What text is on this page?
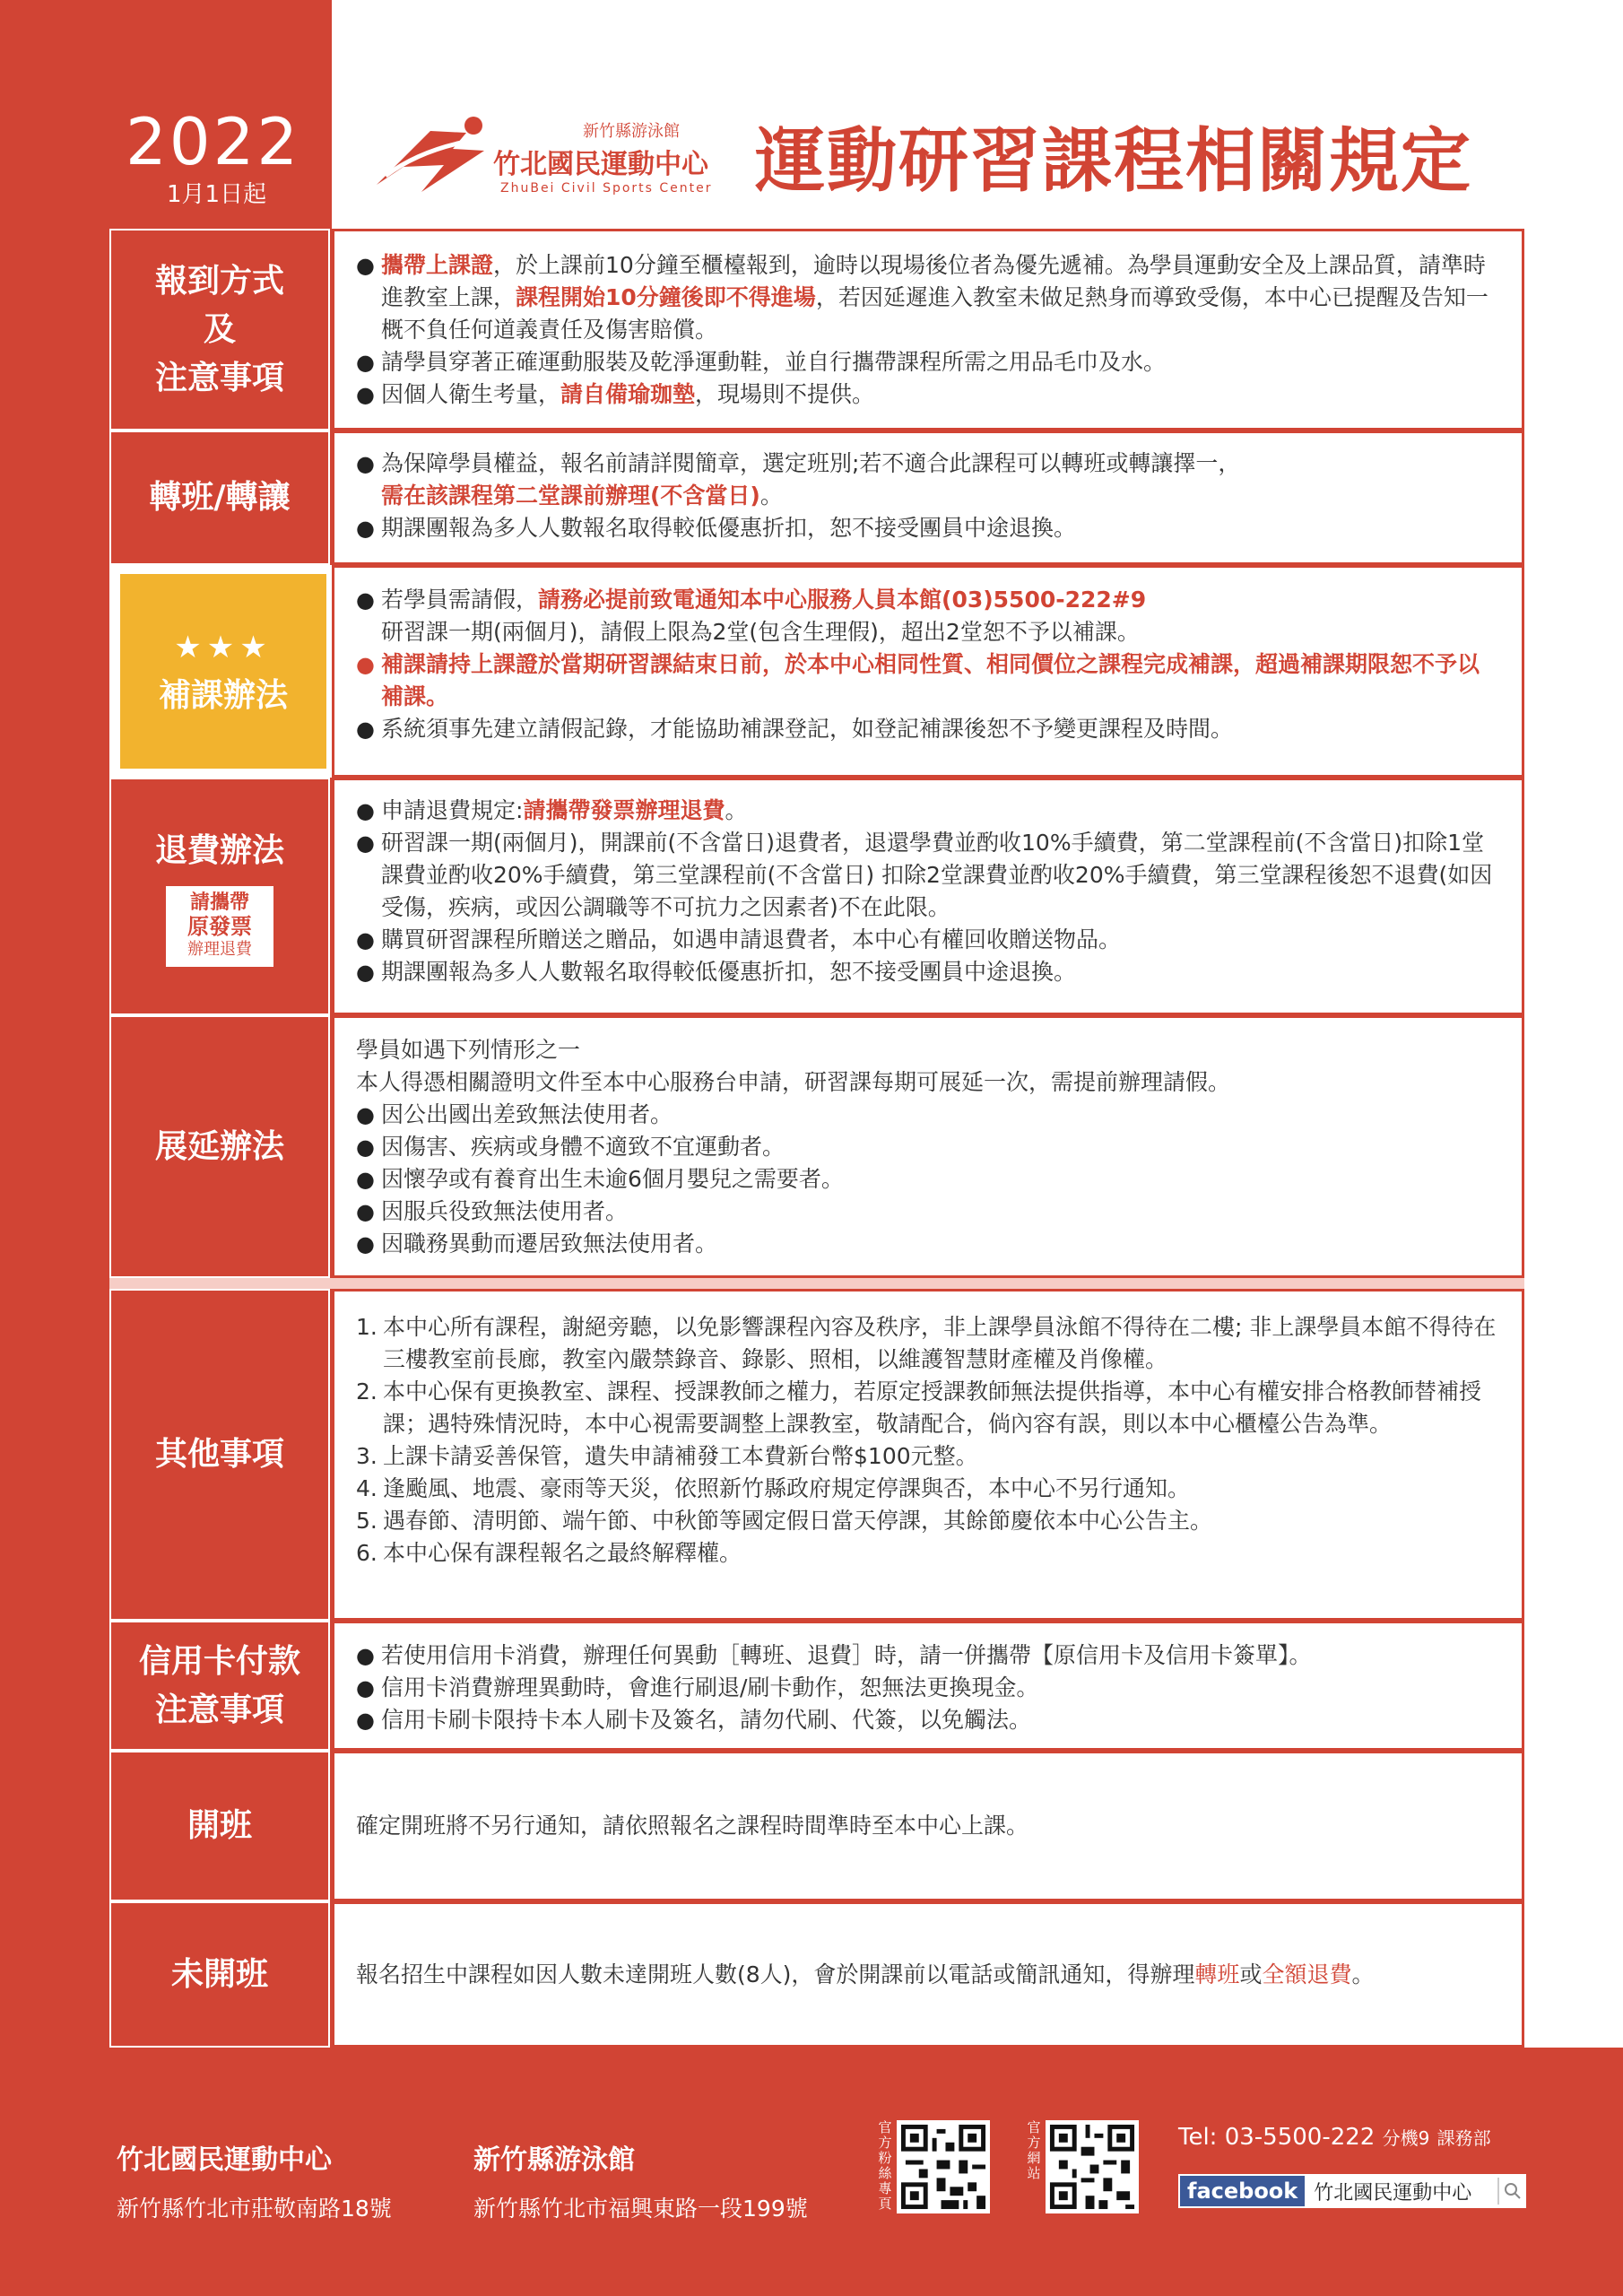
2022
1月1日起
新竹縣游泳館
竹北國民運動中心
ZhuBei Civil Sports Center 運動研習課程相關規定
報到方式
及
注意事項
● 攜帶上課證，於上課前10分鐘至櫃檯報到，逾時以現場後位者為優先遞補。為學員運動安全及上課品質，請準時進教室上課，課程開始10分鐘後即不得進場，若因延遲進入教室未做足熱身而導致受傷，本中心已提醒及告知一概不負任何道義責任及傷害賠償。
● 請學員穿著正確運動服裝及乾淨運動鞋，並自行攜帶課程所需之用品毛巾及水。
● 因個人衛生考量，請自備瑜珈墊，現場則不提供。
轉班/轉讓
● 為保障學員權益，報名前請詳閱簡章，選定班別;若不適合此課程可以轉班或轉讓擇一，
需在該課程第二堂課前辦理(不含當日)。
● 期課團報為多人人數報名取得較低優惠折扣，恕不接受團員中途退換。
★★★
補課辦法
● 若學員需請假，請務必提前致電通知本中心服務人員本館(03)5500-222#9
研習課一期(兩個月)，請假上限為2堂(包含生理假)，超出2堂恕不予以補課。
● 補課請持上課證於當期研習課結束日前，於本中心相同性質、相同價位之課程完成補課，超過補課期限恕不予以補課。
● 系統須事先建立請假記錄，才能協助補課登記，如登記補課後恕不予變更課程及時間。
退費辦法
請攜帶
原發票
辦理退費
● 申請退費規定:請攜帶發票辦理退費。
● 研習課一期(兩個月)，開課前(不含當日)退費者，退還學費並酌收10%手續費，第二堂課程前(不含當日)扣除1堂課費並酌收20%手續費，第三堂課程前(不含當日) 扣除2堂課費並酌收20%手續費，第三堂課程後恕不退費(如因受傷，疾病，或因公調職等不可抗力之因素者)不在此限。
● 購買研習課程所贈送之贈品，如遇申請退費者，本中心有權回收贈送物品。
● 期課團報為多人人數報名取得較低優惠折扣，恕不接受團員中途退換。
展延辦法
學員如遇下列情形之一
本人得憑相關證明文件至本中心服務台申請，研習課每期可展延一次，需提前辦理請假。
● 因公出國出差致無法使用者。
● 因傷害、疾病或身體不適致不宜運動者。
● 因懷孕或有養育出生未逾6個月嬰兒之需要者。
● 因服兵役致無法使用者。
● 因職務異動而遷居致無法使用者。
其他事項
1. 本中心所有課程，謝絕旁聽，以免影響課程內容及秩序，非上課學員泳館不得待在二樓; 非上課學員本館不得待在三樓教室前長廊，教室內嚴禁錄音、錄影、照相，以維護智慧財產權及肖像權。
2. 本中心保有更換教室、課程、授課教師之權力，若原定授課教師無法提供指導，本中心有權安排合格教師替補授課；遇特殊情況時，本中心視需要調整上課教室，敬請配合，倘內容有誤，則以本中心櫃檯公告為準。
3. 上課卡請妥善保管，遺失申請補發工本費新台幣$100元整。
4. 逢颱風、地震、豪雨等天災，依照新竹縣政府規定停課與否，本中心不另行通知。
5. 遇春節、清明節、端午節、中秋節等國定假日當天停課，其餘節慶依本中心公告主。
6. 本中心保有課程報名之最終解釋權。
信用卡付款
注意事項
● 若使用信用卡消費，辦理任何異動［轉班、退費］時，請一併攜帶【原信用卡及信用卡簽單】。
● 信用卡消費辦理異動時，會進行刷退/刷卡動作，恕無法更換現金。
● 信用卡刷卡限持卡本人刷卡及簽名，請勿代刷、代簽，以免觸法。
開班	確定開班將不另行通知，請依照報名之課程時間準時至本中心上課。
未開班	報名招生中課程如因人數未達開班人數(8人)，會於開課前以電話或簡訊通知，得辦理轉班或全額退費。
竹北國民運動中心
新竹縣竹北市莊敬南路18號
新竹縣游泳館
新竹縣竹北市福興東路一段199號
官方粉絲專頁
官方網站
Tel: 03-5500-222 分機9 課務部
facebook 竹北國民運動中心
